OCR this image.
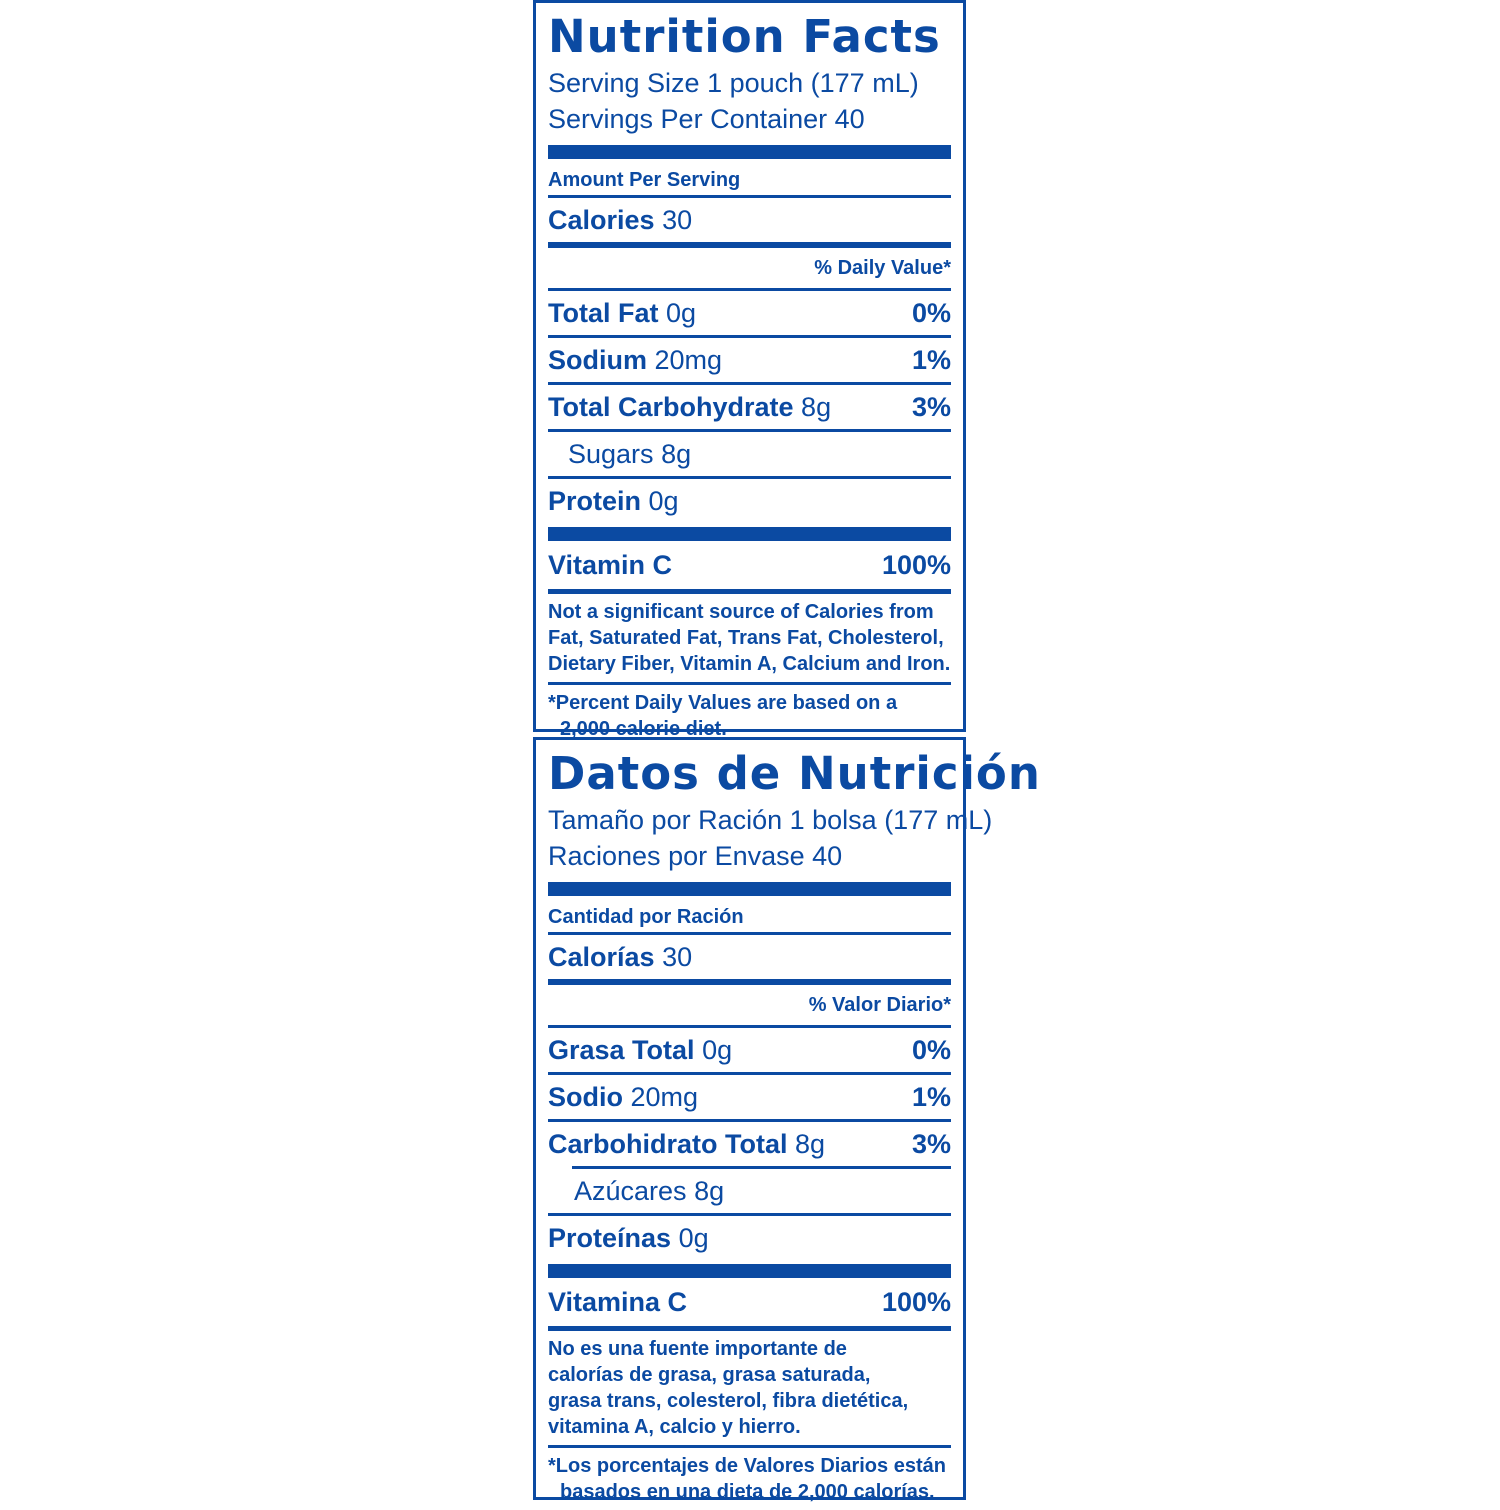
Nutrition Facts
Serving Size 1 pouch (177 mL)
Servings Per Container 40
Amount Per Serving
Calories 30
% Daily Value*
Total Fat 0g	0%
Sodium 20mg	1%
Total Carbohydrate 8g	3%
Sugars 8g
Protein 0g
Vitamin C	100%
Not a significant source of Calories from Fat, Saturated Fat, Trans Fat, Cholesterol, Dietary Fiber, Vitamin A, Calcium and Iron.
*Percent Daily Values are based on a
2,000 calorie diet.
Datos de Nutrición
Tamaño por Ración 1 bolsa (177 mL)
Raciones por Envase 40
Cantidad por Ración
Calorías 30
% Valor Diario*
Grasa Total 0g	0%
Sodio 20mg	1%
Carbohidrato Total 8g	3%
Azúcares 8g
Proteínas 0g
Vitamina C	100%
No es una fuente importante de calorías de grasa, grasa saturada, grasa trans, colesterol, fibra dietética, vitamina A, calcio y hierro.
*Los porcentajes de Valores Diarios están
basados en una dieta de 2,000 calorías.
